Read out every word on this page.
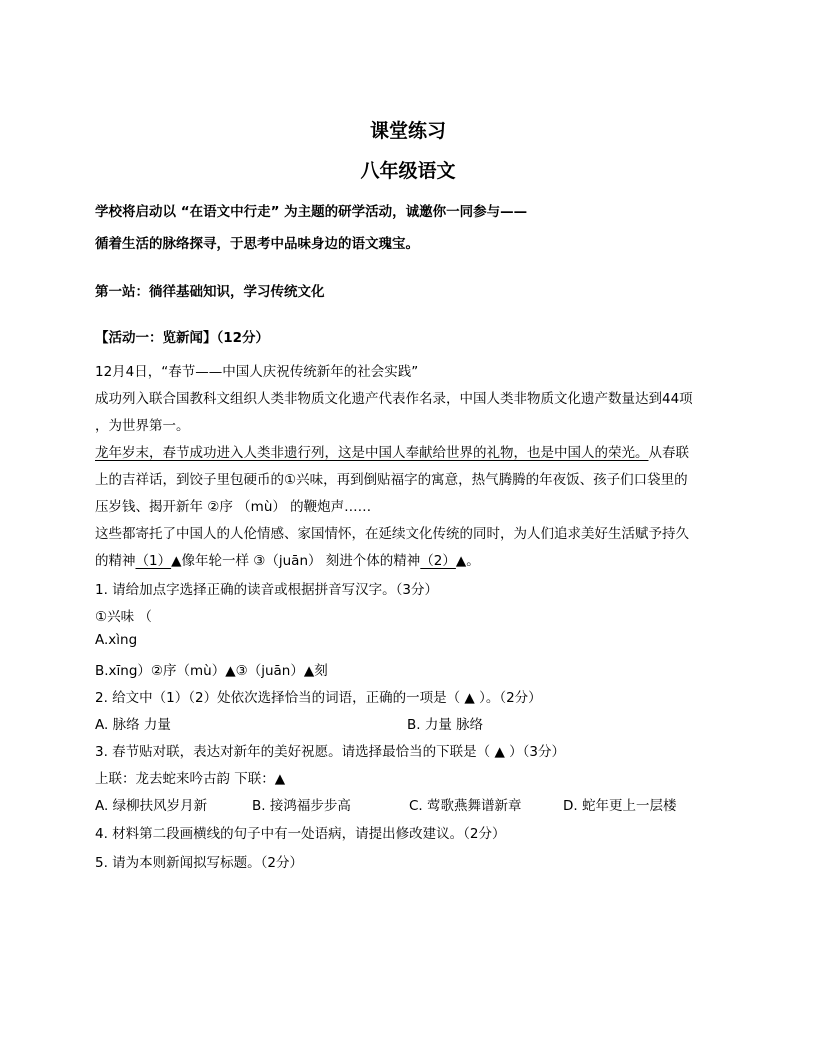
课堂练习
八年级语文
学校将启动以 “在语文中行走” 为主题的研学活动，诚邀你一同参与——
循着生活的脉络探寻，于思考中品味身边的语文瑰宝。
第一站：徜徉基础知识，学习传统文化
【活动一：览新闻】（12分）
12月4日，“春节——中国人庆祝传统新年的社会实践”
成功列入联合国教科文组织人类非物质文化遗产代表作名录，中国人类非物质文化遗产数量达到44项
，为世界第一。
龙年岁末，春节成功进入人类非遗行列，这是中国人奉献给世界的礼物，也是中国人的荣光。从春联
上的吉祥话，到饺子里包硬币的①兴味，再到倒贴福字的寓意，热气腾腾的年夜饭、孩子们口袋里的
压岁钱、揭开新年 ②序 （mù） 的鞭炮声……
这些都寄托了中国人的人伦情感、家国情怀，在延续文化传统的同时，为人们追求美好生活赋予持久
的精神（1）▲像年轮一样 ③（juān） 刻进个体的精神（2）▲。
1. 请给加点字选择正确的读音或根据拼音写汉字。（3分）
①兴味 （
A.xìng
B.xīng）②序（mù）▲③（juān）▲刻
2. 给文中（1）（2）处依次选择恰当的词语，正确的一项是（ ▲ ）。（2分）
A. 脉络 力量	B. 力量 脉络
3. 春节贴对联，表达对新年的美好祝愿。请选择最恰当的下联是（ ▲ ）（3分）
上联：龙去蛇来吟古韵 下联：▲
A. 绿柳扶风岁月新	B. 接鸿福步步高	C. 莺歌燕舞谱新章	D. 蛇年更上一层楼
4. 材料第二段画横线的句子中有一处语病，请提出修改建议。（2分）
5. 请为本则新闻拟写标题。（2分）
